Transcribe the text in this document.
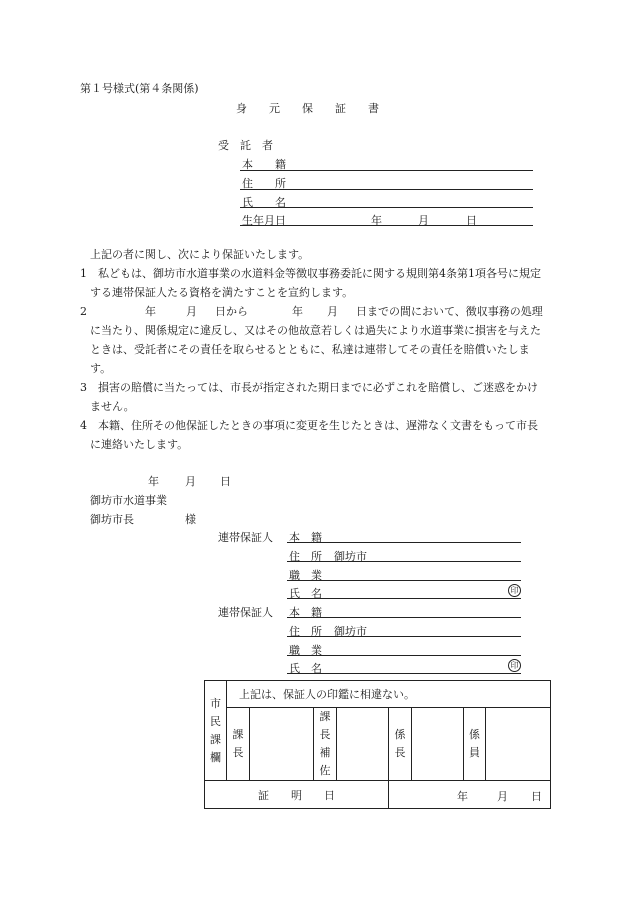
第１号様式(第４条関係)
身　　元　　保　　証　　書
受　託　者
本　　籍
住　　所
氏　　名
生年月日	年	月	日

上記の者に関し、次により保証いたします。

1　私どもは、御坊市水道事業の水道料金等徴収事務委託に関する規則第4条第1項各号に規定する連帯保証人たる資格を満たすことを宣約します。

2	年	月 日から	年 月 日までの間において、徴収事務の処理に当たり、関係規定に違反し、又はその他故意若しくは過失により水道事業に損害を与えたときは、受託者にその責任を取らせるとともに、私達は連帯してその責任を賠償いたします。

3　損害の賠償に当たっては、市長が指定された期日までに必ずこれを賠償し、ご迷惑をかけません。

4　本籍、住所その他保証したときの事項に変更を生じたときは、遅滞なく文書をもって市長に連絡いたします。

年 月 日
御坊市水道事業
御坊市長	様
連帯保証人 本　籍
住　所 御坊市
職　業
氏　名	印
連帯保証人 本　籍
住　所 御坊市
職　業
氏　名	印
市民課欄	上記は、保証人の印鑑に相違ない。							
	課長		課長補佐		係長		係員	
証　　明　　日					年 月 日			
